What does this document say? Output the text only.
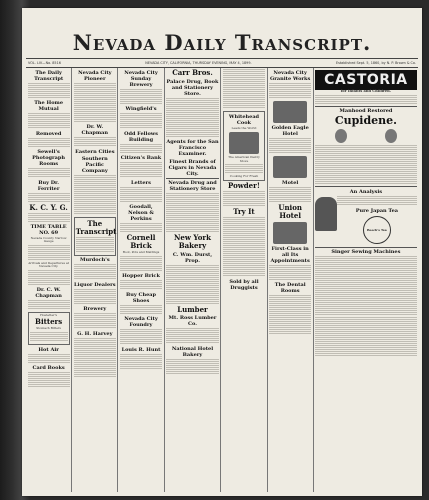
Nevada Daily Transcript.
VOL. LIV—No. 8516	NEVADA CITY, CALIFORNIA, THURSDAY EVENING, MAY 4, 1899.	Established Sept. 5, 1860, by N. P. Brown & Co.
The Daily Transcript
The Home Mutual
Removed
Sewell's Photograph Rooms
Buy Dr. Ferriter
K. C. Y. G.
TIME TABLE NO. 69
Nevada County Narrow Gauge
Arrivals and Departures at Nevada City.
Dr. C. W. Chapman
Hostetter's
Bitters
Stomach Bitters
Hot Air
Card Books
Nevada City Pioneer
Dr. W. Chapman
Eastern Cities
Southern Pacific Company
The Transcript
Murdoch's
Liquor Dealers
Brewery
G. H. Harvey
Nevada City Sunday Brewery
Wingfield's
Odd Fellows Building
Citizen's Bank
Letters
Goodall, Nelson & Perkins
Cornell Brick
Boot, Pots and Mattings
Hopper Brick
Buy Cheap Shoes
Nevada City Foundry
Louis R. Hunt
Carr Bros.
Palace Drug, Book and Stationery Store.
Agents for the San Francisco Examiner.
Finest Brands of Cigars in Nevada City.
Nevada Drug and Stationery Store
New York Bakery
C. Wm. Durst, Prop.
Lumber
Mt. Ross Lumber Co.
National Hotel Bakery
Whitehead Cook
Leads the World
The American Pastry Stove
Cooking For Fresh
Powder!
Try It
Sold by all Druggists
Nevada City Granite Works
Golden Eagle Hotel
Motel
Union Hotel
First-Class in all Its Appointments
The Dental Rooms
CASTORIA
for Infants and Children.
Manhood Restored
Cupidene.
An Analysis
Pure Japan Tea
Beech's Tea
Singer Sewing Machines
